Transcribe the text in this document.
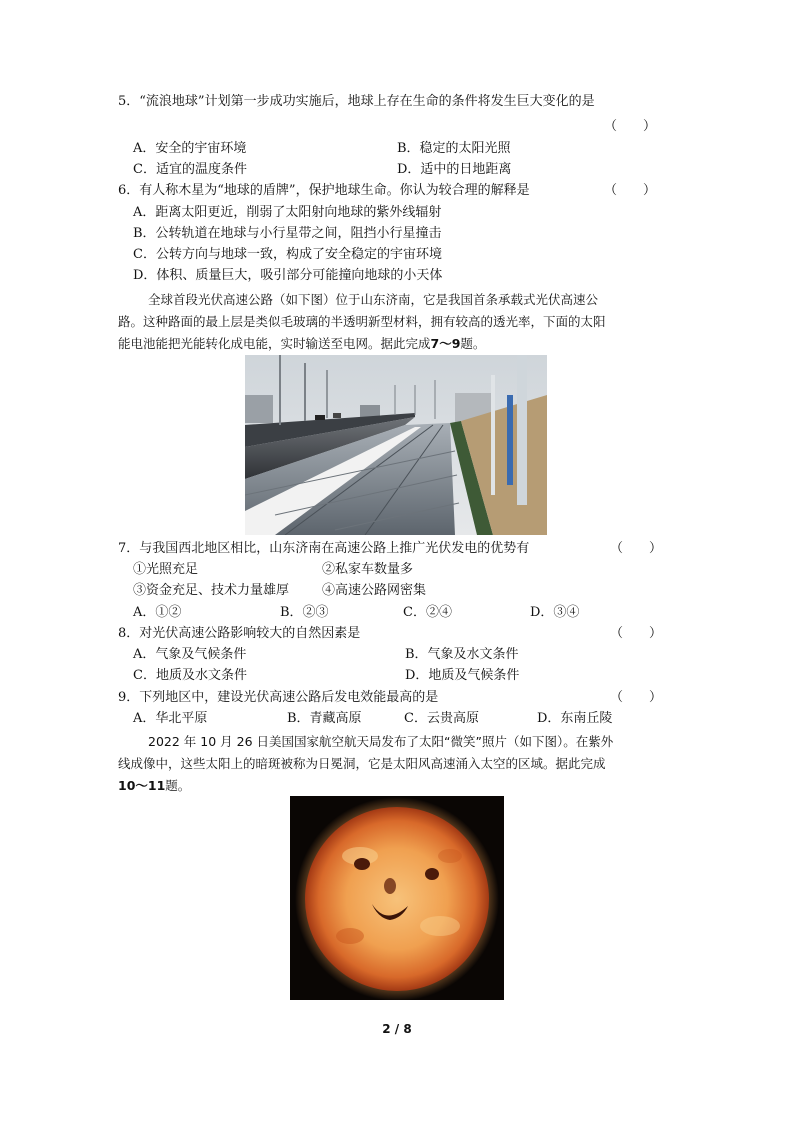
5．“流浪地球”计划第一步成功实施后，地球上存在生命的条件将发生巨大变化的是
（　　）
A．安全的宇宙环境	B．稳定的太阳光照
C．适宜的温度条件	D．适中的日地距离
6．有人称木星为“地球的盾牌”，保护地球生命。你认为较合理的解释是	（　　）
A．距离太阳更近，削弱了太阳射向地球的紫外线辐射
B．公转轨道在地球与小行星带之间，阻挡小行星撞击
C．公转方向与地球一致，构成了安全稳定的宇宙环境
D．体积、质量巨大，吸引部分可能撞向地球的小天体
全球首段光伏高速公路（如下图）位于山东济南，它是我国首条承载式光伏高速公
路。这种路面的最上层是类似毛玻璃的半透明新型材料，拥有较高的透光率，下面的太阳
能电池能把光能转化成电能，实时输送至电网。据此完成7～9题。
7．与我国西北地区相比，山东济南在高速公路上推广光伏发电的优势有	（　　）
①光照充足	②私家车数量多
③资金充足、技术力量雄厚	④高速公路网密集
A．①②	B．②③	C．②④	D．③④
8．对光伏高速公路影响较大的自然因素是	（　　）
A．气象及气候条件	B．气象及水文条件
C．地质及水文条件	D．地质及气候条件
9．下列地区中，建设光伏高速公路后发电效能最高的是	（　　）
A．华北平原	B．青藏高原	C．云贵高原	D．东南丘陵
2022 年 10 月 26 日美国国家航空航天局发布了太阳“微笑”照片（如下图）。在紫外
线成像中，这些太阳上的暗斑被称为日冕洞，它是太阳风高速涌入太空的区域。据此完成
10～11题。
2 / 8
